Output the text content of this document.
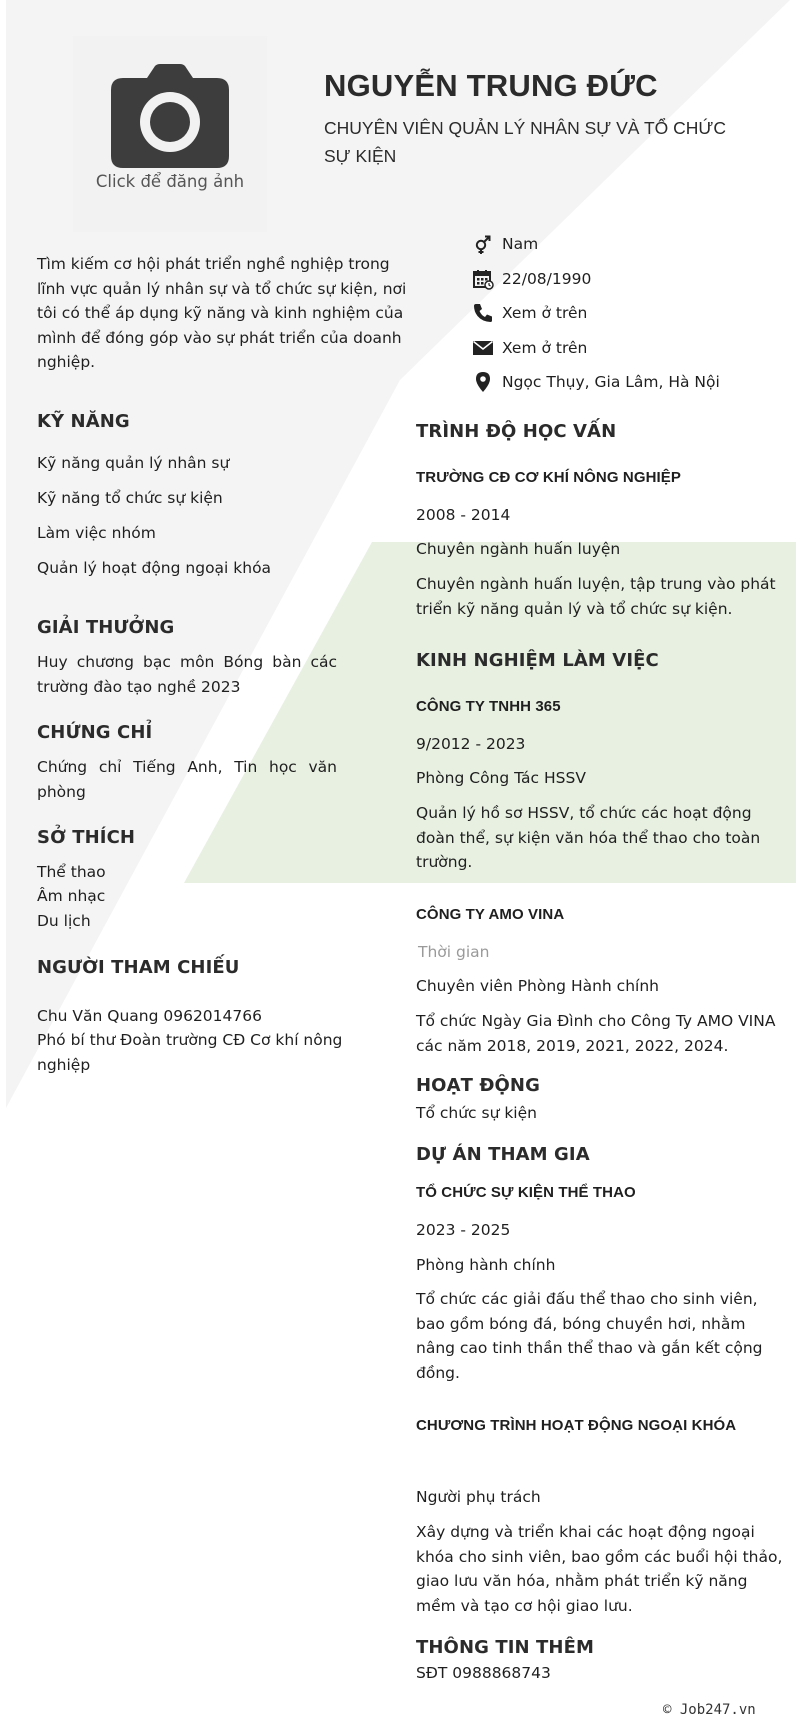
Click để đăng ảnh
NGUYỄN TRUNG ĐỨC
CHUYÊN VIÊN QUẢN LÝ NHÂN SỰ VÀ TỔ CHỨC SỰ KIỆN
Tìm kiếm cơ hội phát triển nghề nghiệp trong lĩnh vực quản lý nhân sự và tổ chức sự kiện, nơi tôi có thể áp dụng kỹ năng và kinh nghiệm của mình để đóng góp vào sự phát triển của doanh nghiệp.
Nam
22/08/1990
Xem ở trên
Xem ở trên
Ngọc Thụy, Gia Lâm, Hà Nội
KỸ NĂNG
Kỹ năng quản lý nhân sự
Kỹ năng tổ chức sự kiện
Làm việc nhóm
Quản lý hoạt động ngoại khóa
GIẢI THƯỞNG
Huy chương bạc môn Bóng bàn các trường đào tạo nghề 2023
CHỨNG CHỈ
Chứng chỉ Tiếng Anh, Tin học văn phòng
SỞ THÍCH
Thể thao
Âm nhạc
Du lịch
NGƯỜI THAM CHIẾU
Chu Văn Quang 0962014766
Phó bí thư Đoàn trường CĐ Cơ khí nông nghiệp
TRÌNH ĐỘ HỌC VẤN
TRƯỜNG CĐ CƠ KHÍ NÔNG NGHIỆP
2008 - 2014
Chuyên ngành huấn luyện
Chuyên ngành huấn luyện, tập trung vào phát triển kỹ năng quản lý và tổ chức sự kiện.
KINH NGHIỆM LÀM VIỆC
CÔNG TY TNHH 365
9/2012 - 2023
Phòng Công Tác HSSV
Quản lý hồ sơ HSSV, tổ chức các hoạt động đoàn thể, sự kiện văn hóa thể thao cho toàn trường.
CÔNG TY AMO VINA
Thời gian
Chuyên viên Phòng Hành chính
Tổ chức Ngày Gia Đình cho Công Ty AMO VINA các năm 2018, 2019, 2021, 2022, 2024.
HOẠT ĐỘNG
Tổ chức sự kiện
DỰ ÁN THAM GIA
TỔ CHỨC SỰ KIỆN THỂ THAO
2023 - 2025
Phòng hành chính
Tổ chức các giải đấu thể thao cho sinh viên, bao gồm bóng đá, bóng chuyền hơi, nhằm nâng cao tinh thần thể thao và gắn kết cộng đồng.
CHƯƠNG TRÌNH HOẠT ĐỘNG NGOẠI KHÓA
Người phụ trách
Xây dựng và triển khai các hoạt động ngoại khóa cho sinh viên, bao gồm các buổi hội thảo, giao lưu văn hóa, nhằm phát triển kỹ năng mềm và tạo cơ hội giao lưu.
THÔNG TIN THÊM
SĐT 0988868743
© Job247.vn
